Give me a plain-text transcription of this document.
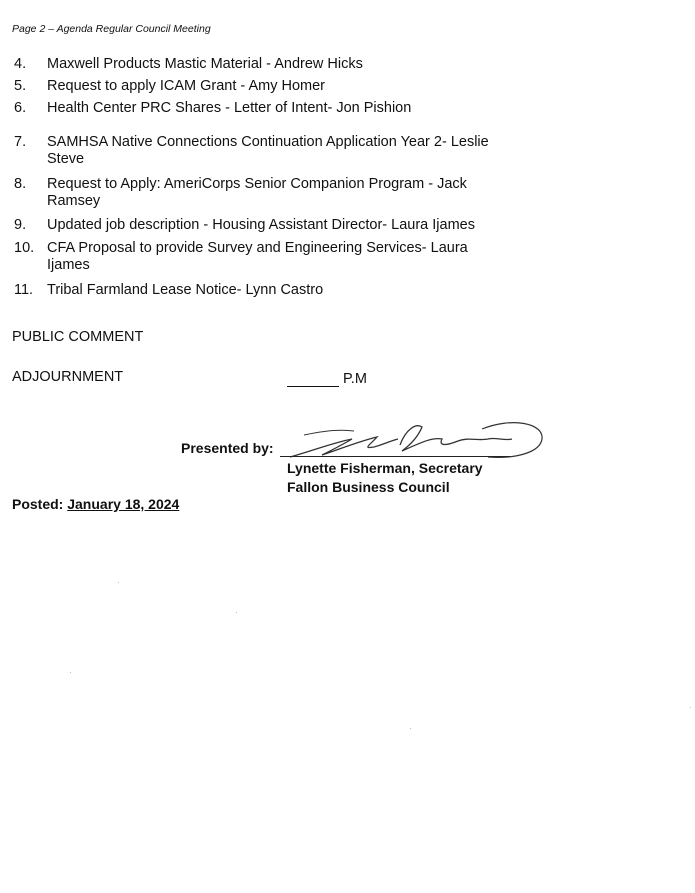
Page 2 – Agenda Regular Council Meeting
4.	Maxwell Products Mastic Material - Andrew Hicks
5.	Request to apply ICAM Grant - Amy Homer
6.	Health Center PRC Shares - Letter of Intent- Jon Pishion
7.	SAMHSA Native Connections Continuation Application Year 2- Leslie
Steve
8.	Request to Apply: AmeriCorps Senior Companion Program - Jack
Ramsey
9.	Updated job description - Housing Assistant Director- Laura Ijames
10. CFA Proposal to provide Survey and Engineering Services- Laura
Ijames
11. Tribal Farmland Lease Notice- Lynn Castro
PUBLIC COMMENT
ADJOURNMENT	P.M
Presented by:
Lynette Fisherman, Secretary
Fallon Business Council
Posted: January 18, 2024
